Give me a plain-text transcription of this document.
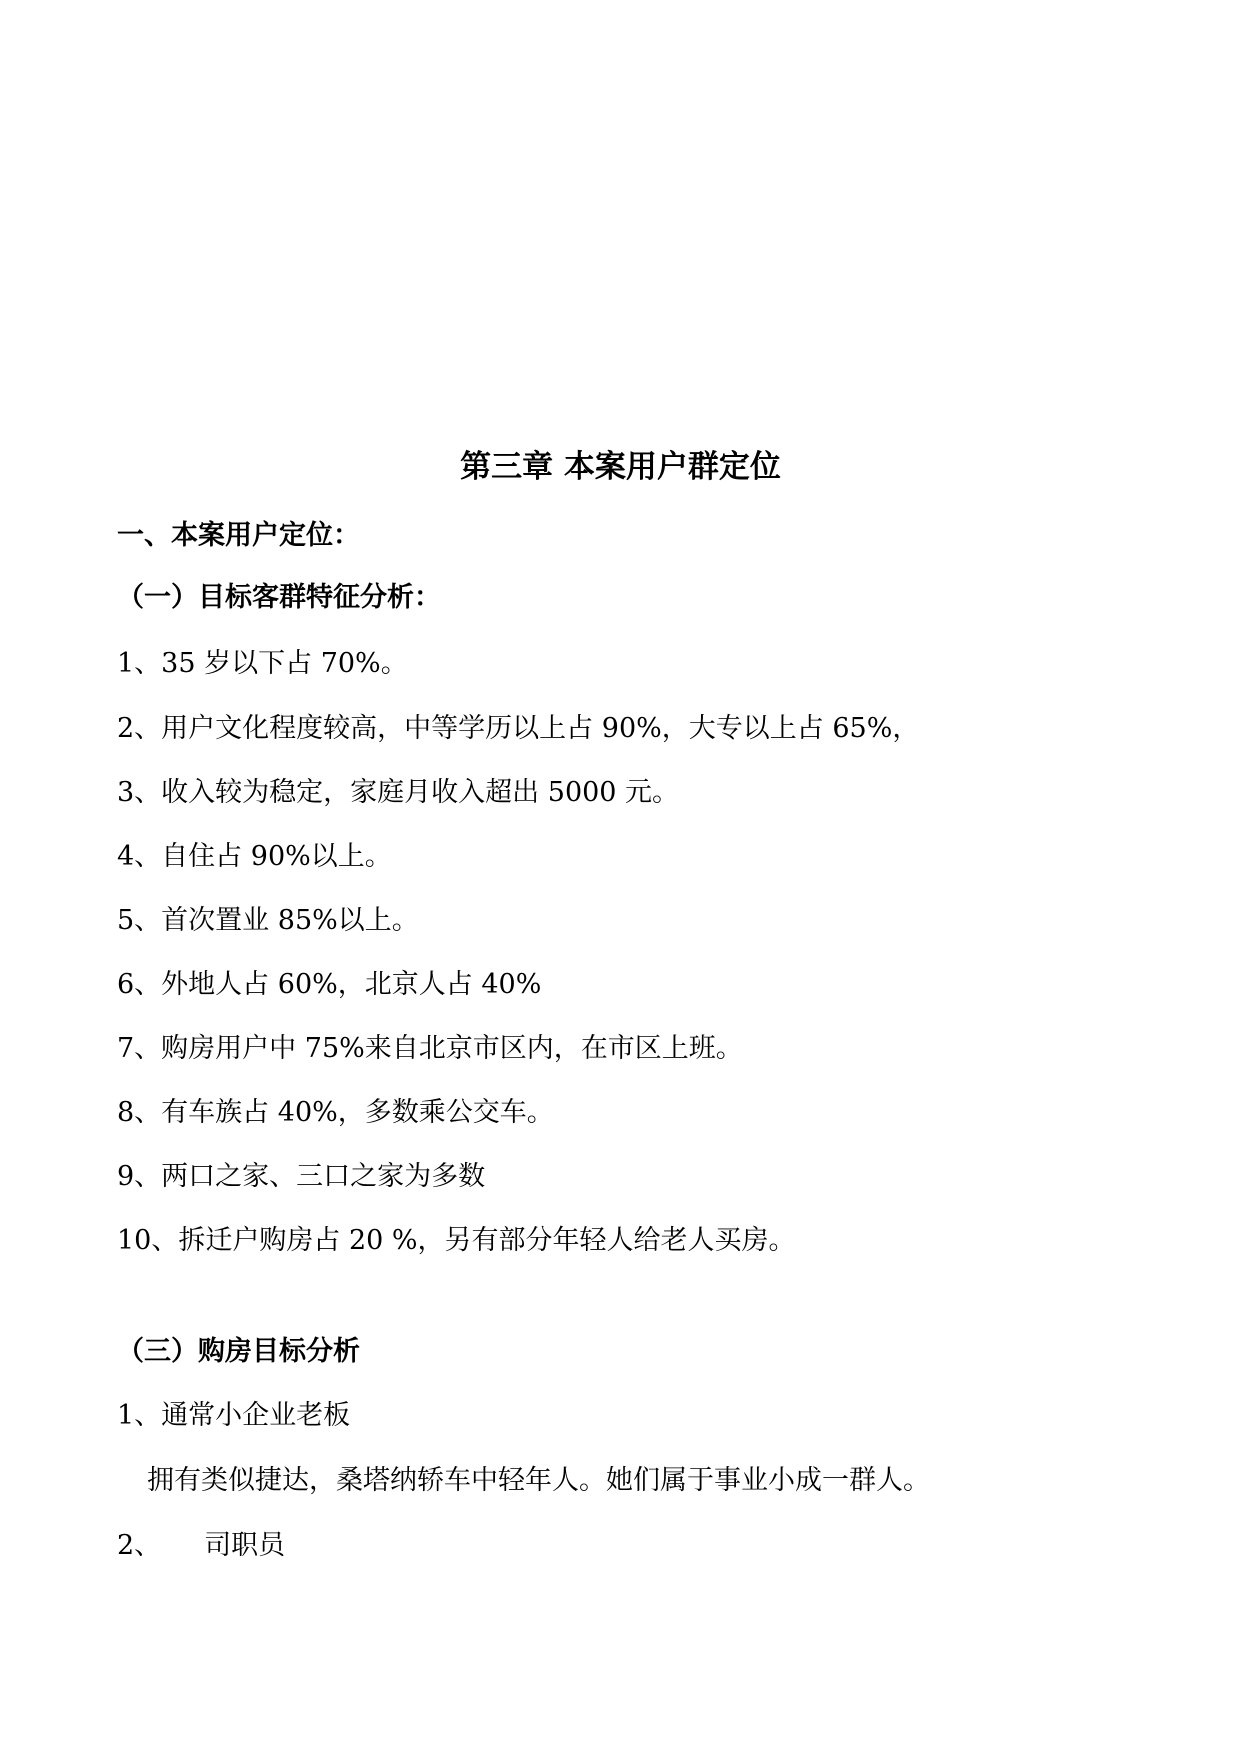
第三章 本案用户群定位
一、本案用户定位：
（一）目标客群特征分析：
1、35 岁以下占 70%。
2、用户文化程度较高，中等学历以上占 90%，大专以上占 65%，
3、收入较为稳定，家庭月收入超出 5000 元。
4、自住占 90%以上。
5、首次置业 85%以上。
6、外地人占 60%，北京人占 40%
7、购房用户中 75%来自北京市区内，在市区上班。
8、有车族占 40%，多数乘公交车。
9、两口之家、三口之家为多数
10、拆迁户购房占 20 %，另有部分年轻人给老人买房。
（三）购房目标分析
1、通常小企业老板
拥有类似捷达，桑塔纳轿车中轻年人。她们属于事业小成一群人。
2、     司职员
